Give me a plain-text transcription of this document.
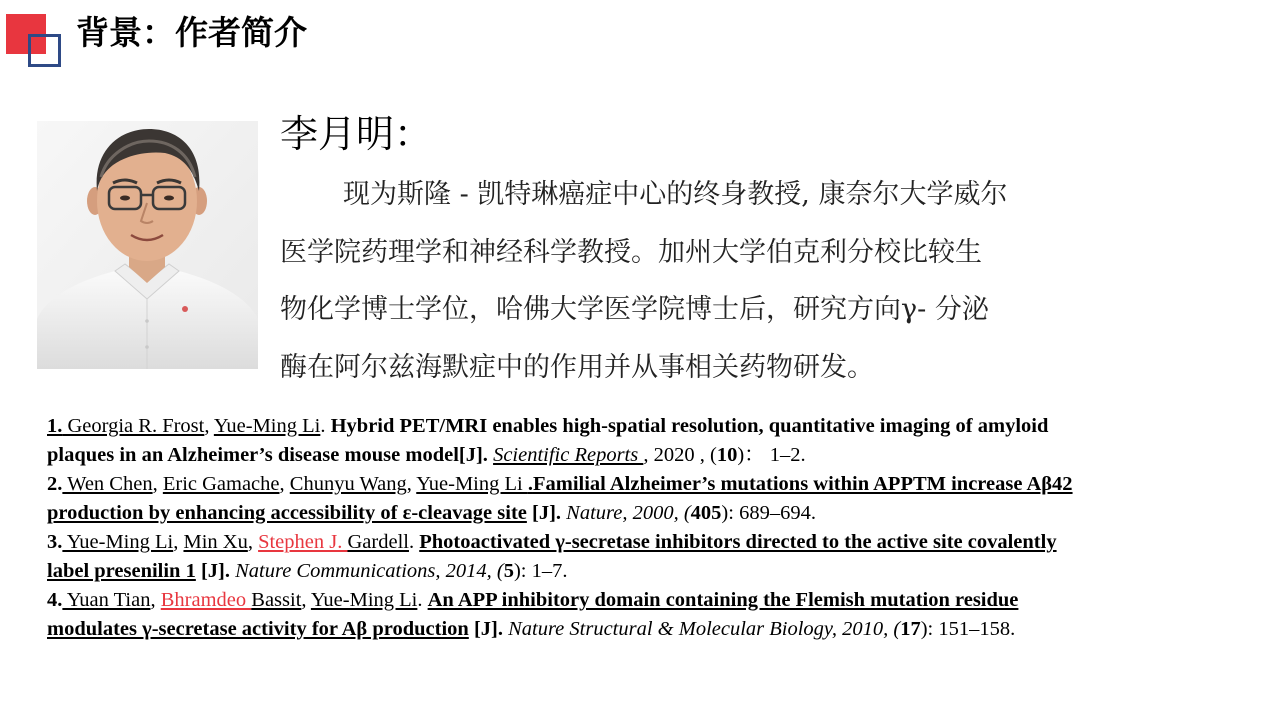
背景：作者简介
李月明：
现为斯隆 - 凯特琳癌症中心的终身教授, 康奈尔大学威尔
医学院药理学和神经科学教授。加州大学伯克利分校比较生
物化学博士学位，哈佛大学医学院博士后，研究方向γ- 分泌
酶在阿尔兹海默症中的作用并从事相关药物研发。
1. Georgia R. Frost, Yue-Ming Li. Hybrid PET/MRI enables high-spatial resolution, quantitative imaging of amyloid
plaques in an Alzheimer’s disease mouse model[J]. Scientific Reports , 2020 , (10)： 1–2.
2. Wen Chen, Eric Gamache, Chunyu Wang, Yue-Ming Li .Familial Alzheimer’s mutations within APPTM increase Aβ42
production by enhancing accessibility of ε-cleavage site [J]. Nature, 2000, (405): 689–694.
3. Yue-Ming Li, Min Xu, Stephen J. Gardell. Photoactivated γ-secretase inhibitors directed to the active site covalently
label presenilin 1 [J]. Nature Communications, 2014, (5): 1–7.
4. Yuan Tian, Bhramdeo Bassit, Yue-Ming Li. An APP inhibitory domain containing the Flemish mutation residue
modulates γ-secretase activity for Aβ production [J]. Nature Structural & Molecular Biology, 2010, (17): 151–158.
